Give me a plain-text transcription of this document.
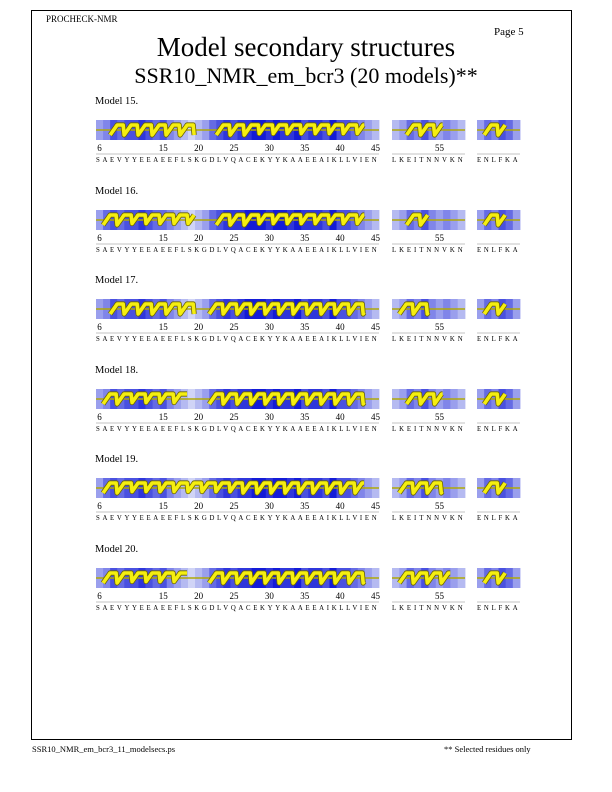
PROCHECK-NMR
Page 5
Model secondary structures
SSR10_NMR_em_bcr3 (20 models)**
Model 15.
6	15	20	25	30	35	40	45	55
SAEVYYEEAEEFLSKGDLVQACEKYYKAAEEAIKLLVIEN LKEITNNVKN ENLFKA
Model 16.
6	15	20	25	30	35	40	45	55
SAEVYYEEAEEFLSKGDLVQACEKYYKAAEEAIKLLVIEN LKEITNNVKN ENLFKA
Model 17.
6	15	20	25	30	35	40	45	55
SAEVYYEEAEEFLSKGDLVQACEKYYKAAEEAIKLLVIEN LKEITNNVKN ENLFKA
Model 18.
6	15	20	25	30	35	40	45	55
SAEVYYEEAEEFLSKGDLVQACEKYYKAAEEAIKLLVIEN LKEITNNVKN ENLFKA
Model 19.
6	15	20	25	30	35	40	45	55
SAEVYYEEAEEFLSKGDLVQACEKYYKAAEEAIKLLVIEN LKEITNNVKN ENLFKA
Model 20.
6	15	20	25	30	35	40	45	55
SAEVYYEEAEEFLSKGDLVQACEKYYKAAEEAIKLLVIEN LKEITNNVKN ENLFKA
SSR10_NMR_em_bcr3_11_modelsecs.ps	** Selected residues only
